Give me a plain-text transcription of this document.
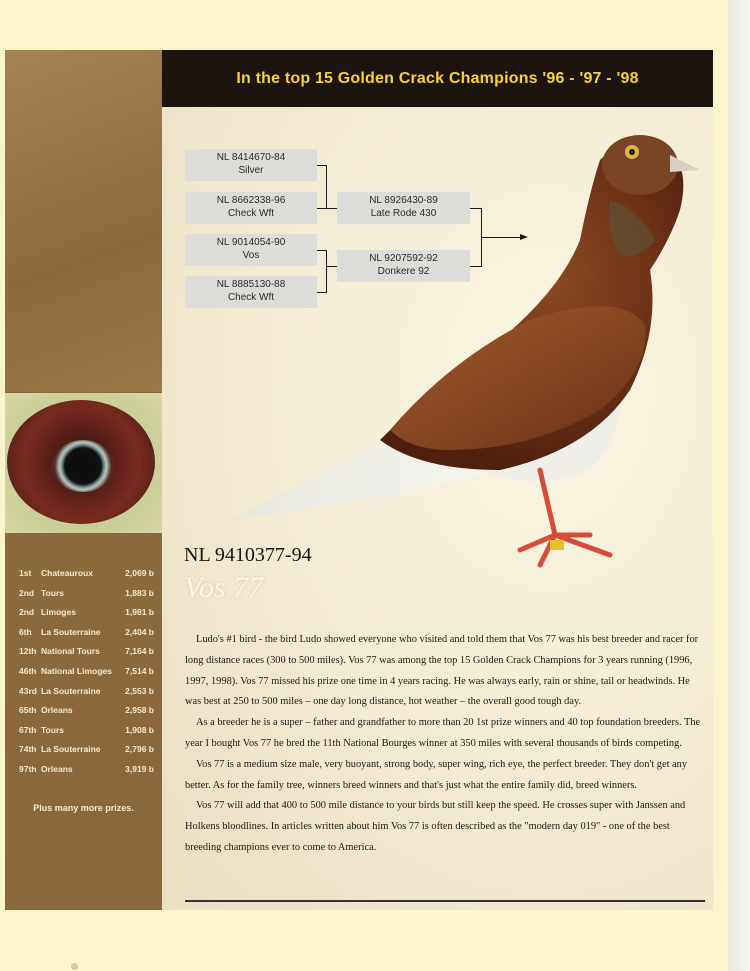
1st	Chateauroux	2,069 b
2nd Tours	1,883 b
2nd Limoges	1,981 b
6th	La Souterraine	2,404 b
12th National Tours	7,164 b
46th National Limoges	7,514 b
43rd La Souterraine	2,553 b
65th Orleans	2,958 b
67th Tours	1,908 b
74th La Souterraine	2,796 b
97th Orleans	3,919 b
Plus many more prizes.
In the top 15 Golden Crack Champions '96 - '97 - '98
NL 8414670-84
Silver
NL 8662338-96
Check Wft
NL 9014054-90
Vos
NL 8885130-88
Check Wft
NL 8926430-89
Late Rode 430
NL 9207592-92
Donkere 92
NL 9410377-94
Vos 77

Ludo's #1 bird - the bird Ludo showed everyone who visited and told them that Vos 77 was his best breeder and racer for long distance races (300 to 500 miles). Vos 77 was among the top 15 Golden Crack Champions for 3 years running (1996, 1997, 1998). Vos 77 missed his prize one time in 4 years racing. He was always early, rain or shine, tail or headwinds. He was best at 250 to 500 miles – one day long distance, hot weather – the overall good tough day.

As a breeder he is a super – father and grandfather to more than 20 1st prize winners and 40 top foundation breeders. The year I bought Vos 77 he bred the 11th National Bourges winner at 350 miles with several thousands of birds competing.

Vos 77 is a medium size male, very buoyant, strong body, super wing, rich eye, the perfect breeder. They don't get any better. As for the family tree, winners breed winners and that's just what the entire family did, breed winners.

Vos 77 will add that 400 to 500 mile distance to your birds but still keep the speed. He crosses super with Janssen and Holkens bloodlines. In articles written about him Vos 77 is often described as the "modern day 019" - one of the best breeding champions ever to come to America.
